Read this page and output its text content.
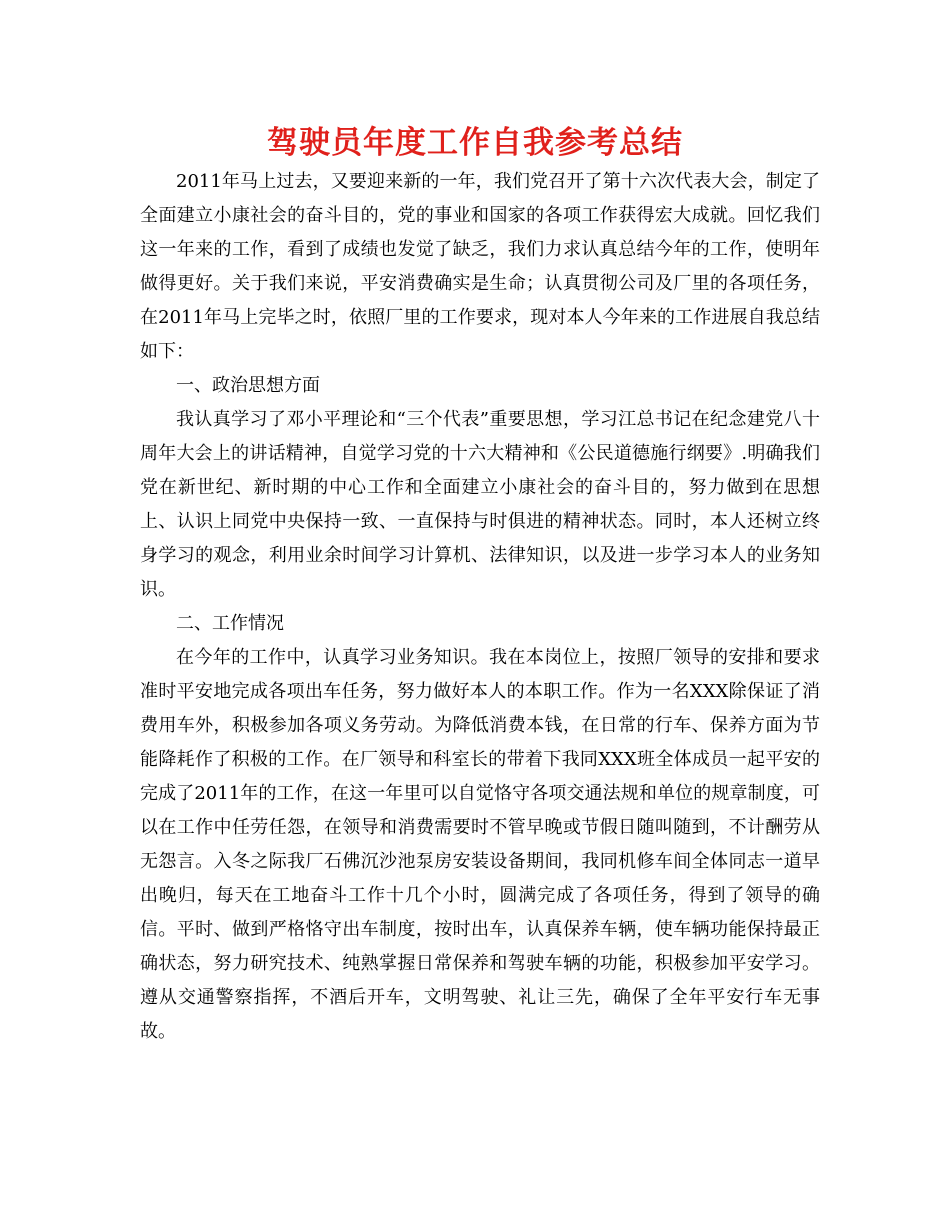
驾驶员年度工作自我参考总结

2011年马上过去，又要迎来新的一年，我们党召开了第十六次代表大会，制定了全面建立小康社会的奋斗目的，党的事业和国家的各项工作获得宏大成就。回忆我们这一年来的工作，看到了成绩也发觉了缺乏，我们力求认真总结今年的工作，使明年做得更好。关于我们来说，平安消费确实是生命；认真贯彻公司及厂里的各项任务，在2011年马上完毕之时，依照厂里的工作要求，现对本人今年来的工作进展自我总结如下：

一、政治思想方面

我认真学习了邓小平理论和“三个代表”重要思想，学习江总书记在纪念建党八十周年大会上的讲话精神，自觉学习党的十六大精神和《公民道德施行纲要》.明确我们党在新世纪、新时期的中心工作和全面建立小康社会的奋斗目的，努力做到在思想上、认识上同党中央保持一致、一直保持与时俱进的精神状态。同时，本人还树立终身学习的观念，利用业余时间学习计算机、法律知识，以及进一步学习本人的业务知识。

二、工作情况

在今年的工作中，认真学习业务知识。我在本岗位上，按照厂领导的安排和要求准时平安地完成各项出车任务，努力做好本人的本职工作。作为一名XXX除保证了消费用车外，积极参加各项义务劳动。为降低消费本钱，在日常的行车、保养方面为节能降耗作了积极的工作。在厂领导和科室长的带着下我同XXX班全体成员一起平安的完成了2011年的工作，在这一年里可以自觉恪守各项交通法规和单位的规章制度，可以在工作中任劳任怨，在领导和消费需要时不管早晚或节假日随叫随到，不计酬劳从无怨言。入冬之际我厂石佛沉沙池泵房安装设备期间，我同机修车间全体同志一道早出晚归，每天在工地奋斗工作十几个小时，圆满完成了各项任务，得到了领导的确信。平时、做到严格恪守出车制度，按时出车，认真保养车辆，使车辆功能保持最正确状态，努力研究技术、纯熟掌握日常保养和驾驶车辆的功能，积极参加平安学习。遵从交通警察指挥，不酒后开车，文明驾驶、礼让三先，确保了全年平安行车无事故。
